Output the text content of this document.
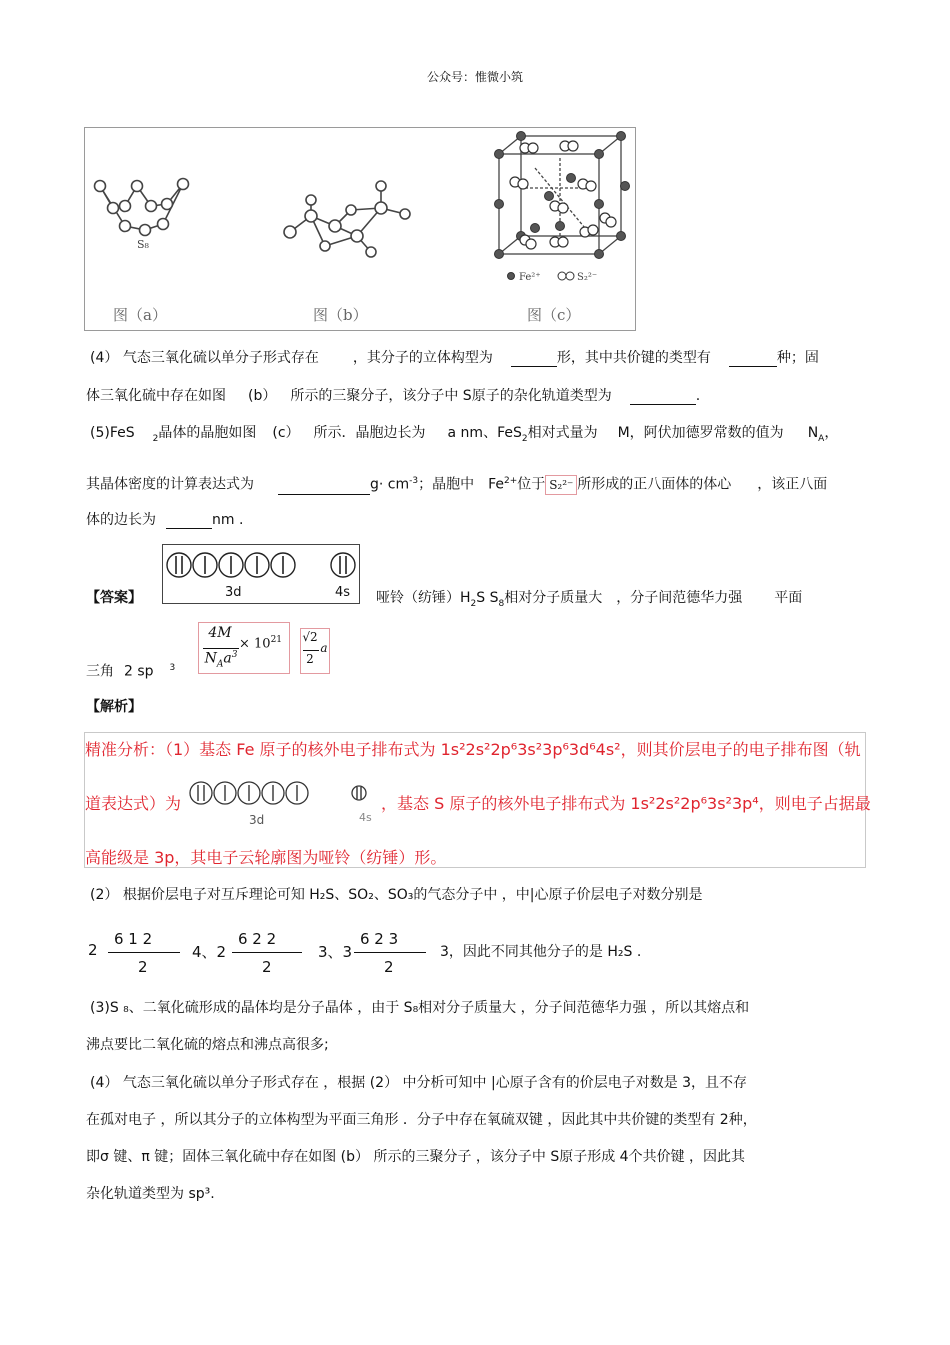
公众号：惟微小筑
S₈
Fe²⁺	S₂²⁻
图（a）	图（b）	图（c）
(4） 气态三氧化硫以单分子形式存在 ，其分子的立体构型为	形，其中共价键的类型有	种；固
体三氧化硫中存在如图 (b） 所示的三聚分子，该分子中 S原子的杂化轨道类型为	.
(5)FeS $_2$晶体的晶胞如图 (c） 所示．晶胞边长为 a nm、FeS$_2$相对式量为 M，阿伏加德罗常数的值为 $N_A$，
其晶体密度的计算表达式为	$g\cdot cm^{-3}$；晶胞中 $Fe^{2+}$位于 S₂²⁻ 所形成的正八面体的体心 ，该正八面
体的边长为	nm .
3d	4s
【答案】	哑铃（纺锤）$H_2S$ $S_8$相对分子质量大 ，分子间范德华力强 平面
三角 2 sp $^3$
4M
$N_Aa^3$
× $10^{21}$ √2
2
a
【解析】
精准分析：（1）基态 Fe 原子的核外电子排布式为 1s²2s²2p⁶3s²3p⁶3d⁶4s²，则其价层电子的电子排布图（轨
道表达式）为
3d	4s
，基态 S 原子的核外电子排布式为 1s²2s²2p⁶3s²3p⁴，则电子占据最
高能级是 3p，其电子云轮廓图为哑铃（纺锤）形。
(2） 根据价层电子对互斥理论可知 H₂S、SO₂、SO₃的气态分子中 ，中|心原子价层电子对数分别是
2
6 1 2
2
4、2
6 2 2
2
3、3
6 2 3
2
3，因此不同其他分子的是 H₂S .
(3)S ₈、二氧化硫形成的晶体均是分子晶体 ，由于 S₈相对分子质量大 ，分子间范德华力强 ，所以其熔点和
沸点要比二氧化硫的熔点和沸点高很多;
(4） 气态三氧化硫以单分子形式存在 ，根据 (2） 中分析可知中 |心原子含有的价层电子对数是 3，且不存
在孤对电子 ，所以其分子的立体构型为平面三角形 ．分子中存在氧硫双键 ，因此其中共价键的类型有 2种，
即σ 键、π 键；固体三氧化硫中存在如图 (b） 所示的三聚分子 ，该分子中 S原子形成 4个共价键 ，因此其
杂化轨道类型为 sp³.
